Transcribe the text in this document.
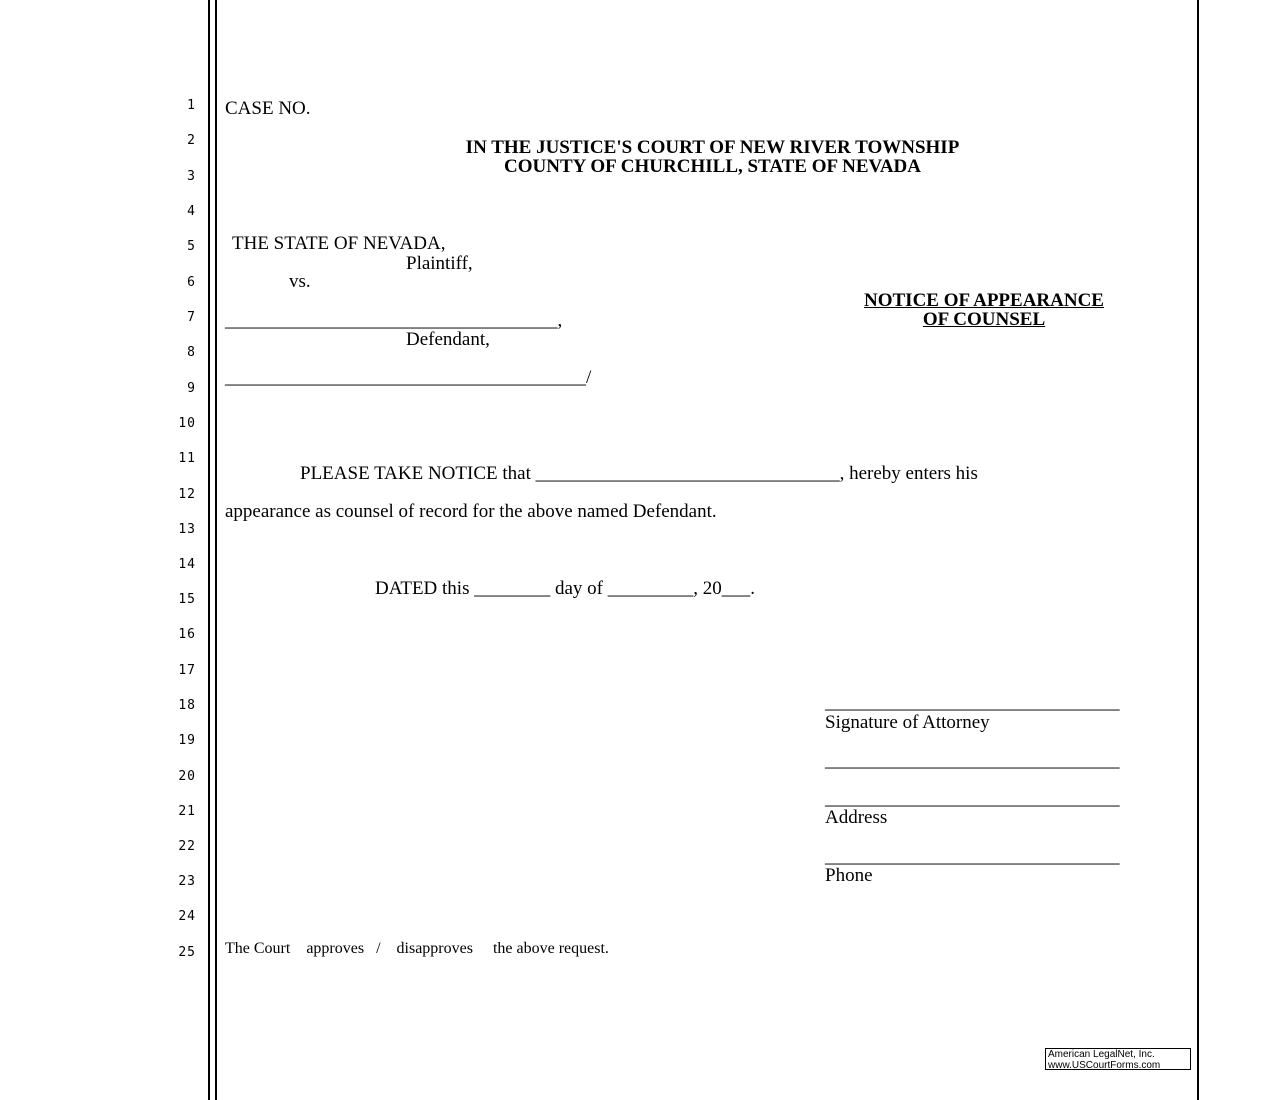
1
2
3
4
5
6
7
8
9
10
11
12
13
14
15
16
17
18
19
20
21
22
23
24
25
CASE NO.
IN THE JUSTICE'S COURT OF NEW RIVER TOWNSHIP
COUNTY OF CHURCHILL, STATE OF NEVADA
THE STATE OF NEVADA,
Plaintiff,
vs.
___________________________________,
Defendant,
______________________________________/
NOTICE OF APPEARANCE
OF COUNSEL
PLEASE TAKE NOTICE that ________________________________, hereby enters his
appearance as counsel of record for the above named Defendant.
DATED this ________ day of _________, 20___.
_______________________________
Signature of Attorney
_______________________________
_______________________________
Address
_______________________________
Phone
The Court    approves   /    disapproves     the above request.
American LegalNet, Inc.
www.USCourtForms.com
